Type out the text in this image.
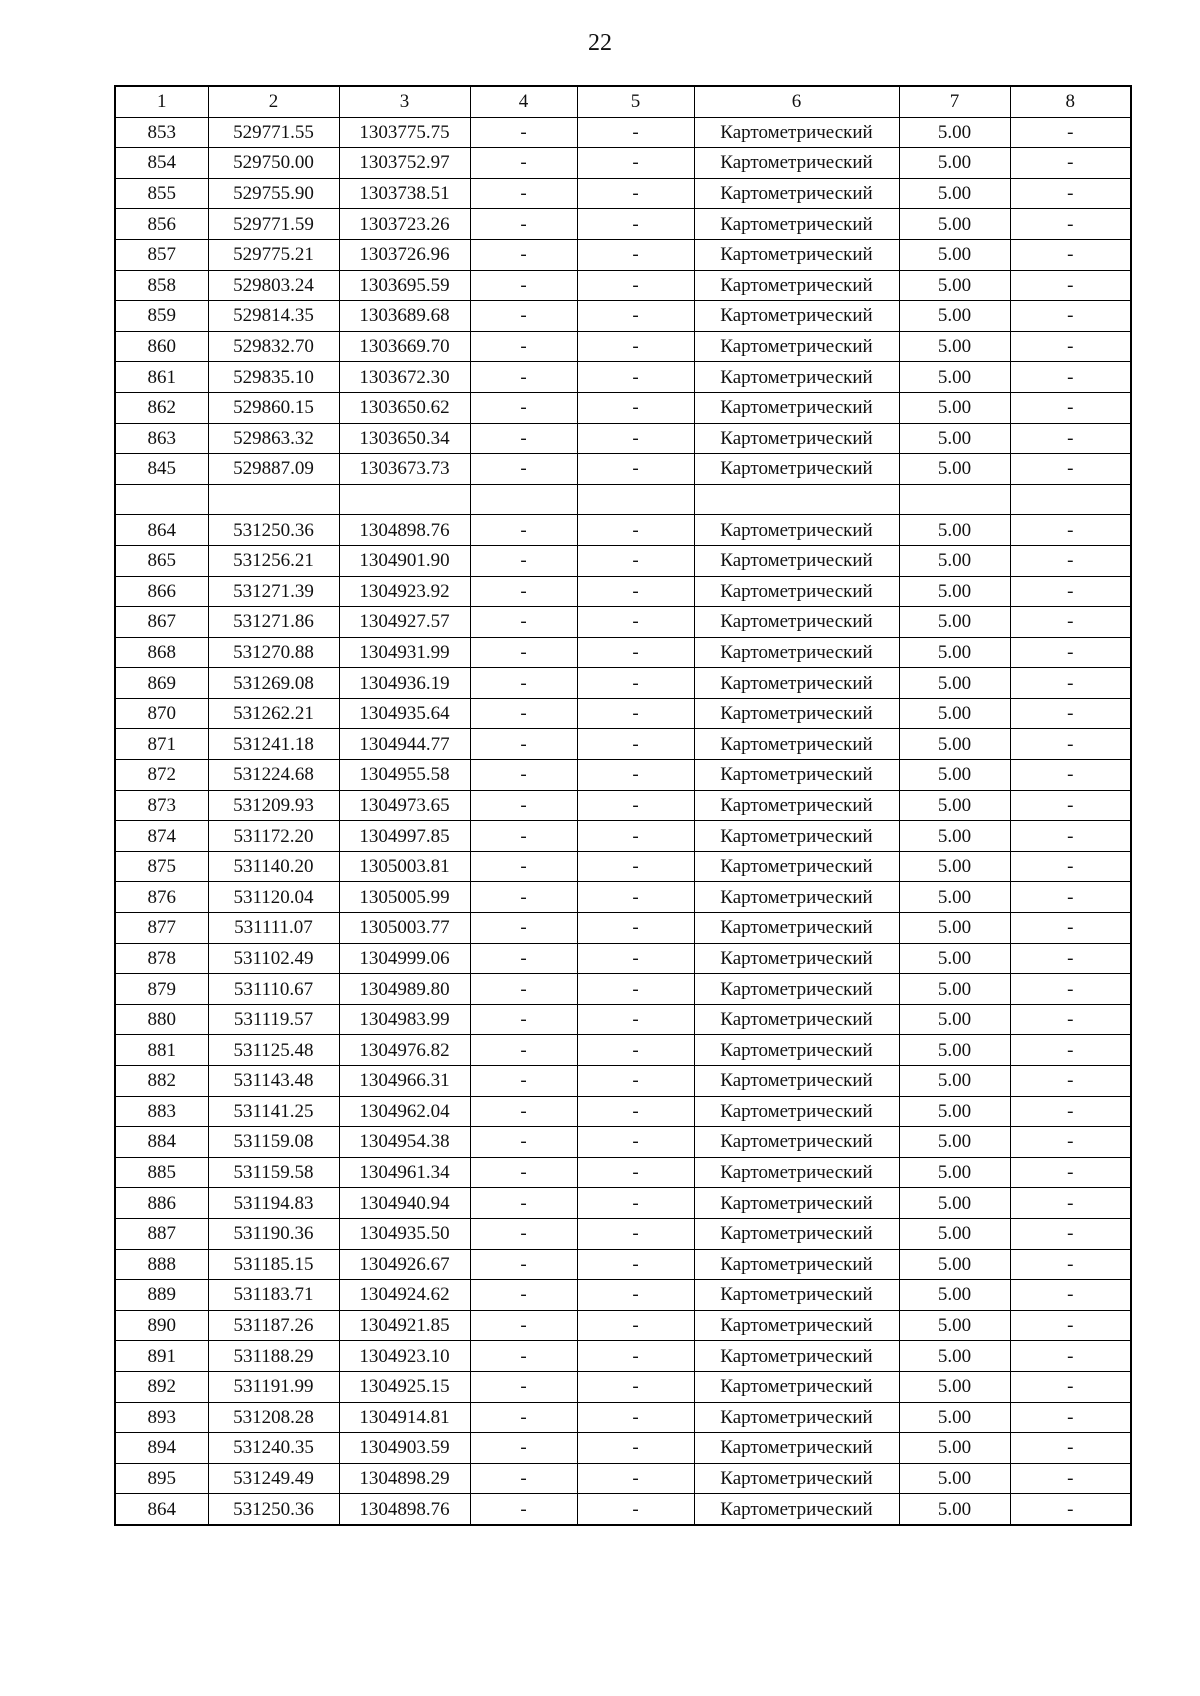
22
1	2	3	4	5	6	7	8
853	529771.55	1303775.75	-	-	Картометрический	5.00	-
854	529750.00	1303752.97	-	-	Картометрический	5.00	-
855	529755.90	1303738.51	-	-	Картометрический	5.00	-
856	529771.59	1303723.26	-	-	Картометрический	5.00	-
857	529775.21	1303726.96	-	-	Картометрический	5.00	-
858	529803.24	1303695.59	-	-	Картометрический	5.00	-
859	529814.35	1303689.68	-	-	Картометрический	5.00	-
860	529832.70	1303669.70	-	-	Картометрический	5.00	-
861	529835.10	1303672.30	-	-	Картометрический	5.00	-
862	529860.15	1303650.62	-	-	Картометрический	5.00	-
863	529863.32	1303650.34	-	-	Картометрический	5.00	-
845	529887.09	1303673.73	-	-	Картометрический	5.00	-

864	531250.36	1304898.76	-	-	Картометрический	5.00	-
865	531256.21	1304901.90	-	-	Картометрический	5.00	-
866	531271.39	1304923.92	-	-	Картометрический	5.00	-
867	531271.86	1304927.57	-	-	Картометрический	5.00	-
868	531270.88	1304931.99	-	-	Картометрический	5.00	-
869	531269.08	1304936.19	-	-	Картометрический	5.00	-
870	531262.21	1304935.64	-	-	Картометрический	5.00	-
871	531241.18	1304944.77	-	-	Картометрический	5.00	-
872	531224.68	1304955.58	-	-	Картометрический	5.00	-
873	531209.93	1304973.65	-	-	Картометрический	5.00	-
874	531172.20	1304997.85	-	-	Картометрический	5.00	-
875	531140.20	1305003.81	-	-	Картометрический	5.00	-
876	531120.04	1305005.99	-	-	Картометрический	5.00	-
877	531111.07	1305003.77	-	-	Картометрический	5.00	-
878	531102.49	1304999.06	-	-	Картометрический	5.00	-
879	531110.67	1304989.80	-	-	Картометрический	5.00	-
880	531119.57	1304983.99	-	-	Картометрический	5.00	-
881	531125.48	1304976.82	-	-	Картометрический	5.00	-
882	531143.48	1304966.31	-	-	Картометрический	5.00	-
883	531141.25	1304962.04	-	-	Картометрический	5.00	-
884	531159.08	1304954.38	-	-	Картометрический	5.00	-
885	531159.58	1304961.34	-	-	Картометрический	5.00	-
886	531194.83	1304940.94	-	-	Картометрический	5.00	-
887	531190.36	1304935.50	-	-	Картометрический	5.00	-
888	531185.15	1304926.67	-	-	Картометрический	5.00	-
889	531183.71	1304924.62	-	-	Картометрический	5.00	-
890	531187.26	1304921.85	-	-	Картометрический	5.00	-
891	531188.29	1304923.10	-	-	Картометрический	5.00	-
892	531191.99	1304925.15	-	-	Картометрический	5.00	-
893	531208.28	1304914.81	-	-	Картометрический	5.00	-
894	531240.35	1304903.59	-	-	Картометрический	5.00	-
895	531249.49	1304898.29	-	-	Картометрический	5.00	-
864	531250.36	1304898.76	-	-	Картометрический	5.00	-
